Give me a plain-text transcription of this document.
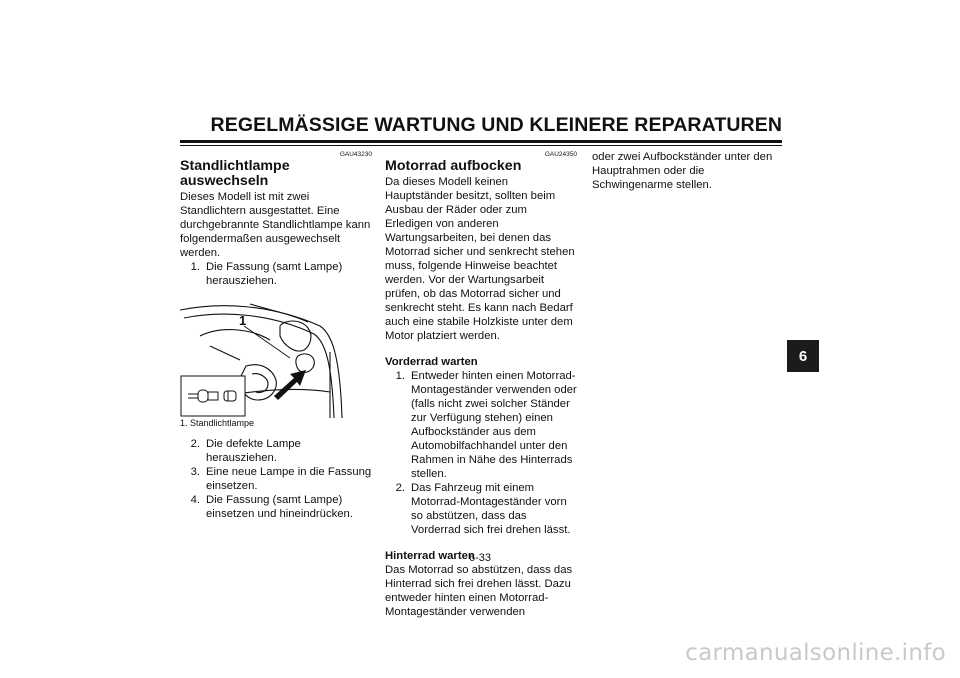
REGELMÄSSIGE WARTUNG UND KLEINERE REPARATUREN
GAU43230
Standlichtlampe auswechseln

Dieses Modell ist mit zwei Standlichtern ausgestattet. Eine durchgebrannte Standlichtlampe kann folgendermaßen ausgewechselt werden.

1. Die Fassung (samt Lampe) herausziehen.
1

1. Standlichtlampe

2. Die defekte Lampe herausziehen.
3. Eine neue Lampe in die Fassung einsetzen.
4. Die Fassung (samt Lampe) einsetzen und hineindrücken.
GAU24350
Motorrad aufbocken

Da dieses Modell keinen Hauptständer besitzt, sollten beim Ausbau der Räder oder zum Erledigen von anderen Wartungsarbeiten, bei denen das Motorrad sicher und senkrecht stehen muss, folgende Hinweise beachtet werden. Vor der Wartungsarbeit prüfen, ob das Motorrad sicher und senkrecht steht. Es kann nach Bedarf auch eine stabile Holzkiste unter dem Motor platziert werden.

Vorderrad warten
1. Entweder hinten einen Motorrad-Montageständer verwenden oder (falls nicht zwei solcher Ständer zur Verfügung stehen) einen Aufbockständer aus dem Automobilfachhandel unter den Rahmen in Nähe des Hinterrads stellen.
2. Das Fahrzeug mit einem Motorrad-Montageständer vorn so abstützen, dass das Vorderrad sich frei drehen lässt.
Hinterrad warten

Das Motorrad so abstützen, dass das Hinterrad sich frei drehen lässt. Dazu entweder hinten einen Motorrad-Montageständer verwenden

oder zwei Aufbockständer unter den Hauptrahmen oder die Schwingenarme stellen.

6
6-33
carmanualsonline.info
